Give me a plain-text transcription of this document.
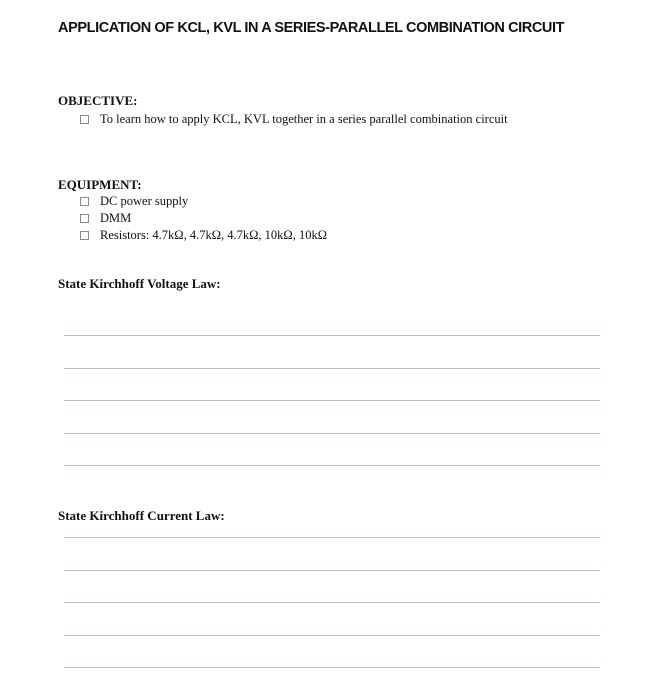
APPLICATION OF KCL, KVL IN A SERIES-PARALLEL COMBINATION CIRCUIT
OBJECTIVE:
To learn how to apply KCL, KVL together in a series parallel combination circuit
EQUIPMENT:
DC power supply
DMM
Resistors: 4.7kΩ, 4.7kΩ, 4.7kΩ, 10kΩ, 10kΩ
State Kirchhoff Voltage Law:
State Kirchhoff Current Law:
